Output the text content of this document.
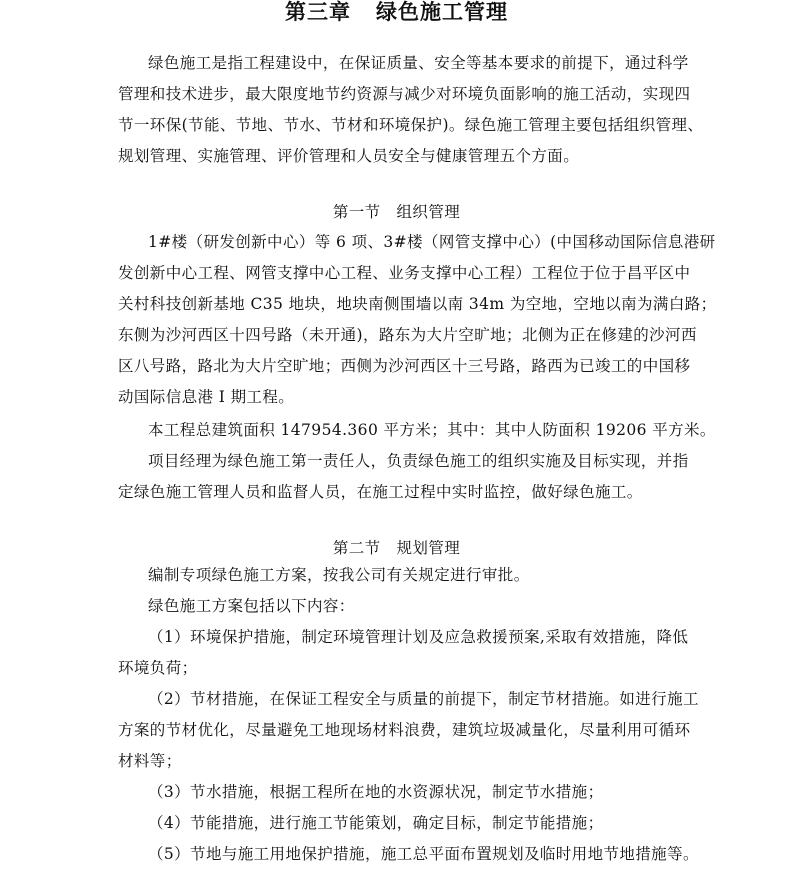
第三章   绿色施工管理
绿色施工是指工程建设中，在保证质量、安全等基本要求的前提下，通过科学
管理和技术进步，最大限度地节约资源与减少对环境负面影响的施工活动，实现四
节一环保(节能、节地、节水、节材和环境保护)。绿色施工管理主要包括组织管理、
规划管理、实施管理、评价管理和人员安全与健康管理五个方面。
第一节   组织管理
1#楼（研发创新中心）等 6 项、3#楼（网管支撑中心）(中国移动国际信息港研
发创新中心工程、网管支撑中心工程、业务支撑中心工程）工程位于位于昌平区中
关村科技创新基地 C35 地块，地块南侧围墙以南 34m 为空地，空地以南为满白路；
东侧为沙河西区十四号路（未开通)，路东为大片空旷地；北侧为正在修建的沙河西
区八号路，路北为大片空旷地；西侧为沙河西区十三号路，路西为已竣工的中国移
动国际信息港 I 期工程。
本工程总建筑面积 147954.360 平方米；其中：其中人防面积 19206 平方米。
项目经理为绿色施工第一责任人，负责绿色施工的组织实施及目标实现，并指
定绿色施工管理人员和监督人员，在施工过程中实时监控，做好绿色施工。
第二节   规划管理
编制专项绿色施工方案，按我公司有关规定进行审批。
绿色施工方案包括以下内容：
（1）环境保护措施，制定环境管理计划及应急救援预案,采取有效措施，降低
环境负荷；
（2）节材措施，在保证工程安全与质量的前提下，制定节材措施。如进行施工
方案的节材优化，尽量避免工地现场材料浪费，建筑垃圾减量化，尽量利用可循环
材料等；
（3）节水措施，根据工程所在地的水资源状况，制定节水措施；
（4）节能措施，进行施工节能策划，确定目标，制定节能措施；
（5）节地与施工用地保护措施，施工总平面布置规划及临时用地节地措施等。
